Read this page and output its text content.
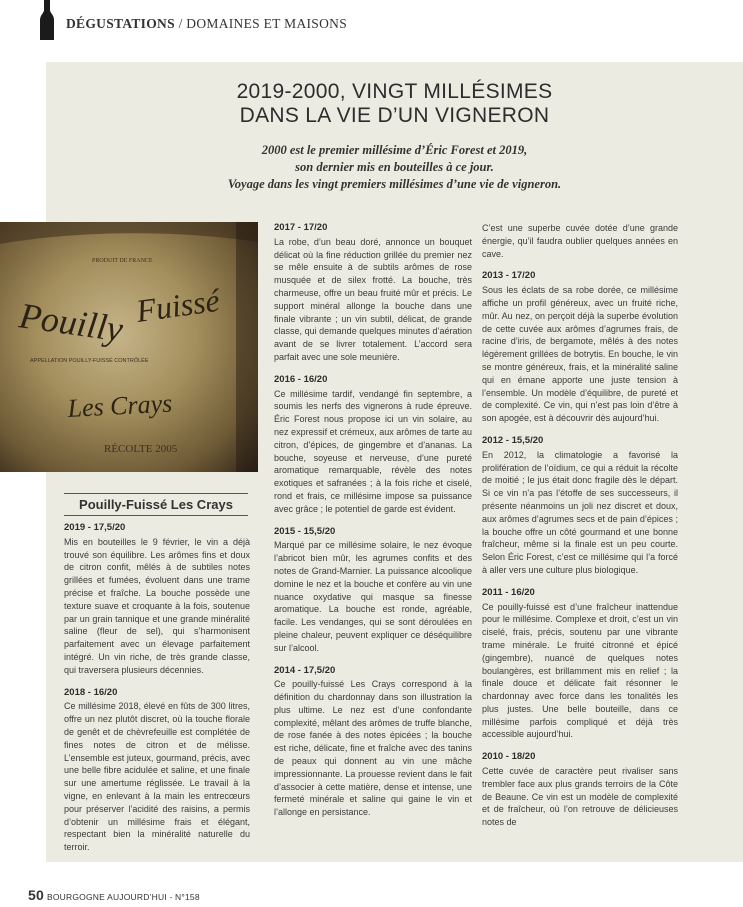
DÉGUSTATIONS / DOMAINES ET MAISONS
2019-2000, VINGT MILLÉSIMES
DANS LA VIE D’UN VIGNERON
2000 est le premier millésime d’Éric Forest et 2019,
son dernier mis en bouteilles à ce jour.
Voyage dans les vingt premiers millésimes d’une vie de vigneron.
PRODUIT DE FRANCE
Pouilly Fuissé
APPELLATION POUILLY-FUISSÉ CONTRÔLÉE
Les Crays
RÉCOLTE 2005
Pouilly-Fuissé Les Crays
2019 - 17,5/20
Mis en bouteilles le 9 février, le vin a déjà trouvé son équilibre. Les arômes fins et doux de citron confit, mêlés à de subtiles notes grillées et fumées, évoluent dans une trame précise et fraîche. La bouche possède une texture suave et croquante à la fois, soutenue par un grain tannique et une grande minéralité saline (fleur de sel), qui s’harmonisent parfaitement avec un élevage parfaitement intégré. Un vin riche, de très grande classe, qui traversera plusieurs décennies.
2018 - 16/20
Ce millésime 2018, élevé en fûts de 300 litres, offre un nez plutôt discret, où la touche florale de genêt et de chèvrefeuille est complétée de fines notes de citron et de mélisse. L’ensemble est juteux, gourmand, précis, avec une belle fibre acidulée et saline, et une finale sur une amertume réglissée. Le travail à la vigne, en enlevant à la main les entrecœurs pour préserver l’acidité des raisins, a permis d’obtenir un millésime frais et élégant, respectant bien la minéralité naturelle du terroir.
2017 - 17/20
La robe, d’un beau doré, annonce un bouquet délicat où la fine réduction grillée du premier nez se mêle ensuite à de subtils arômes de rose musquée et de silex frotté. La bouche, très charmeuse, offre un beau fruité mûr et précis. Le support minéral allonge la bouche dans une finale vibrante ; un vin subtil, délicat, de grande classe, qui demande quelques minutes d’aération avant de se livrer totalement. L’accord sera parfait avec une sole meunière.
2016 - 16/20
Ce millésime tardif, vendangé fin septembre, a soumis les nerfs des vignerons à rude épreuve. Éric Forest nous propose ici un vin solaire, au nez expressif et crémeux, aux arômes de tarte au citron, d’épices, de gingembre et d’ananas. La bouche, soyeuse et nerveuse, d’une pureté aromatique remarquable, révèle des notes exotiques et safranées ; à la fois riche et ciselé, rond et frais, ce millésime impose sa puissance avec grâce ; le potentiel de garde est évident.
2015 - 15,5/20
Marqué par ce millésime solaire, le nez évoque l’abricot bien mûr, les agrumes confits et des notes de Grand-Marnier. La puissance alcoolique domine le nez et la bouche et confère au vin une nuance oxydative qui masque sa finesse aromatique. La bouche est ronde, agréable, facile. Les vendanges, qui se sont déroulées en pleine chaleur, peuvent expliquer ce déséquilibre sur l’alcool.
2014 - 17,5/20
Ce pouilly-fuissé Les Crays correspond à la définition du chardonnay dans son illustration la plus ultime. Le nez est d’une confondante complexité, mêlant des arômes de truffe blanche, de rose fanée à des notes épicées ; la bouche est riche, délicate, fine et fraîche avec des tanins de peaux qui donnent au vin une mâche impressionnante. La prouesse revient dans le fait d’associer à cette matière, dense et intense, une fermeté minérale et saline qui gaine le vin et l’allonge en persistance.
C’est une superbe cuvée dotée d’une grande énergie, qu’il faudra oublier quelques années en cave.
2013 - 17/20
Sous les éclats de sa robe dorée, ce millésime affiche un profil généreux, avec un fruité riche, mûr. Au nez, on perçoit déjà la superbe évolution de cette cuvée aux arômes d’agrumes frais, de racine d’iris, de bergamote, mêlés à des notes légèrement grillées de botrytis. En bouche, le vin se montre généreux, frais, et la minéralité saline qui en émane apporte une juste tension à l’ensemble. Un modèle d’équilibre, de pureté et de complexité. Ce vin, qui n’est pas loin d’être à son apogée, est à découvrir dès aujourd’hui.
2012 - 15,5/20
En 2012, la climatologie a favorisé la prolifération de l’oïdium, ce qui a réduit la récolte de moitié ; le jus était donc fragile dès le départ. Si ce vin n’a pas l’étoffe de ses successeurs, il présente néanmoins un joli nez discret et doux, aux arômes d’agrumes secs et de pain d’épices ; la bouche offre un côté gourmand et une bonne fraîcheur, même si la finale est un peu courte. Selon Éric Forest, c’est ce millésime qui l’a forcé à aller vers une culture plus biologique.
2011 - 16/20
Ce pouilly-fuissé est d’une fraîcheur inattendue pour le millésime. Complexe et droit, c’est un vin ciselé, frais, précis, soutenu par une vibrante trame minérale. Le fruité citronné et épicé (gingembre), nuancé de quelques notes boulangères, est brillamment mis en relief ; la finale douce et délicate fait résonner le chardonnay avec force dans les tonalités les plus justes. Une belle bouteille, dans ce millésime parfois compliqué et déjà très accessible aujourd’hui.
2010 - 18/20
Cette cuvée de caractère peut rivaliser sans trembler face aux plus grands terroirs de la Côte de Beaune. Ce vin est un modèle de complexité et de fraîcheur, où l’on retrouve de délicieuses notes de
50 BOURGOGNE AUJOURD’HUI - N°158
